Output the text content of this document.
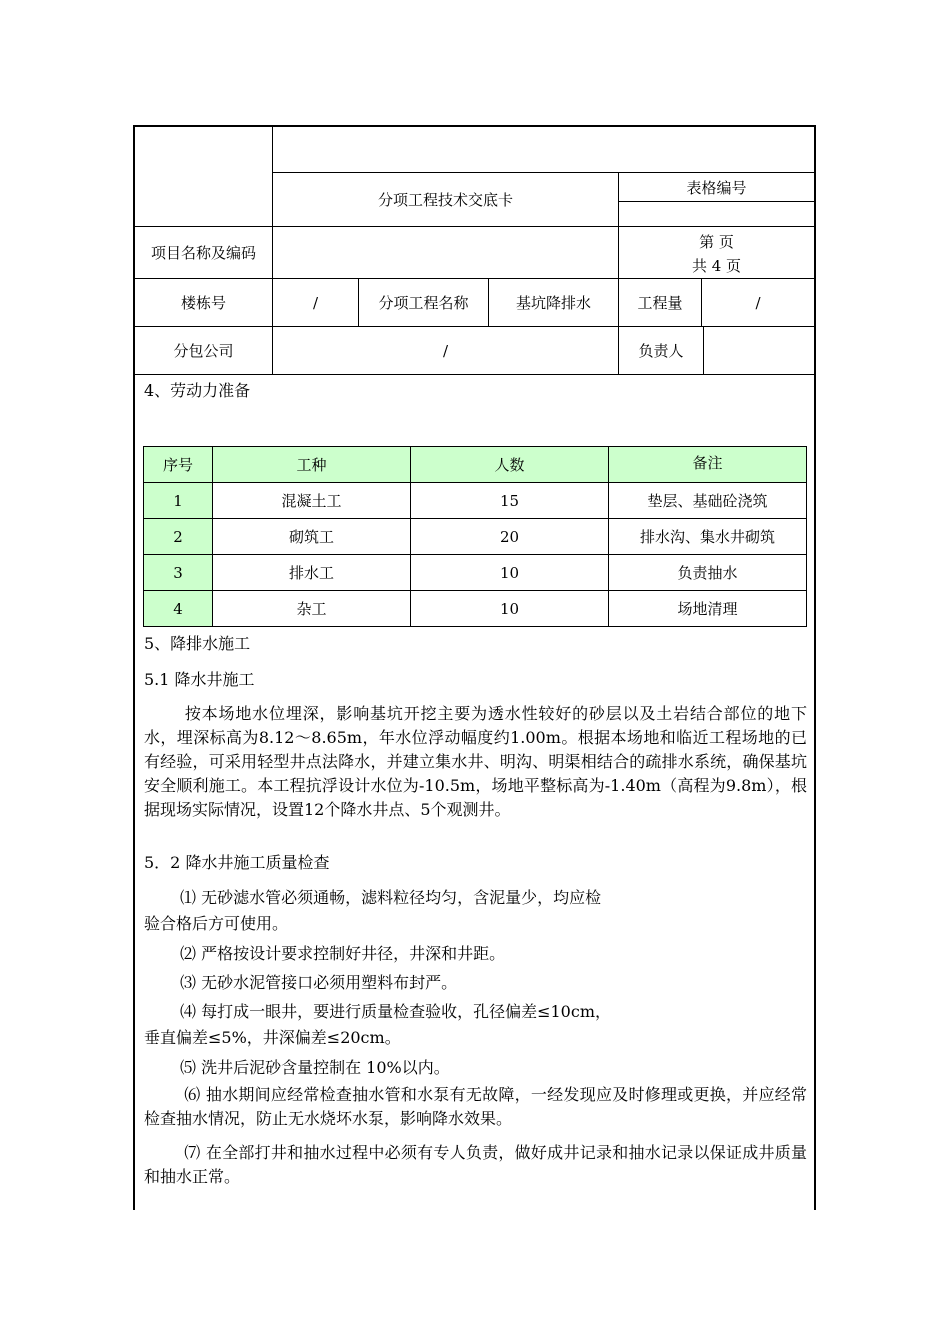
分项工程技术交底卡
表格编号
项目名称及编码
第 页
共 4 页
楼栋号	/	分项工程名称	基坑降排水	工程量	/
分包公司	/	负责人
4、劳动力准备
序号	工种	人数	备注
1	混凝土工	15	垫层、基础砼浇筑
2	砌筑工	20	排水沟、集水井砌筑
3	排水工	10	负责抽水
4	杂工	10	场地清理
5、降排水施工
5.1 降水井施工
按本场地水位埋深，影响基坑开挖主要为透水性较好的砂层以及土岩结合部位的地下水，埋深标高为8.12～8.65m，年水位浮动幅度约1.00m。根据本场地和临近工程场地的已有经验，可采用轻型井点法降水，并建立集水井、明沟、明渠相结合的疏排水系统，确保基坑安全顺利施工。本工程抗浮设计水位为-10.5m，场地平整标高为-1.40m（高程为9.8m），根据现场实际情况，设置12个降水井点、5个观测井。
5．2 降水井施工质量检查
⑴ 无砂滤水管必须通畅，滤料粒径均匀，含泥量少，均应检
验合格后方可使用。
⑵ 严格按设计要求控制好井径，井深和井距。
⑶ 无砂水泥管接口必须用塑料布封严。
⑷ 每打成一眼井，要进行质量检查验收，孔径偏差≤10cm，
垂直偏差≤5%，井深偏差≤20cm。
⑸ 洗井后泥砂含量控制在 10%以内。
⑹ 抽水期间应经常检查抽水管和水泵有无故障，一经发现应及时修理或更换，并应经常检查抽水情况，防止无水烧坏水泵，影响降水效果。
⑺ 在全部打井和抽水过程中必须有专人负责，做好成井记录和抽水记录以保证成井质量和抽水正常。
